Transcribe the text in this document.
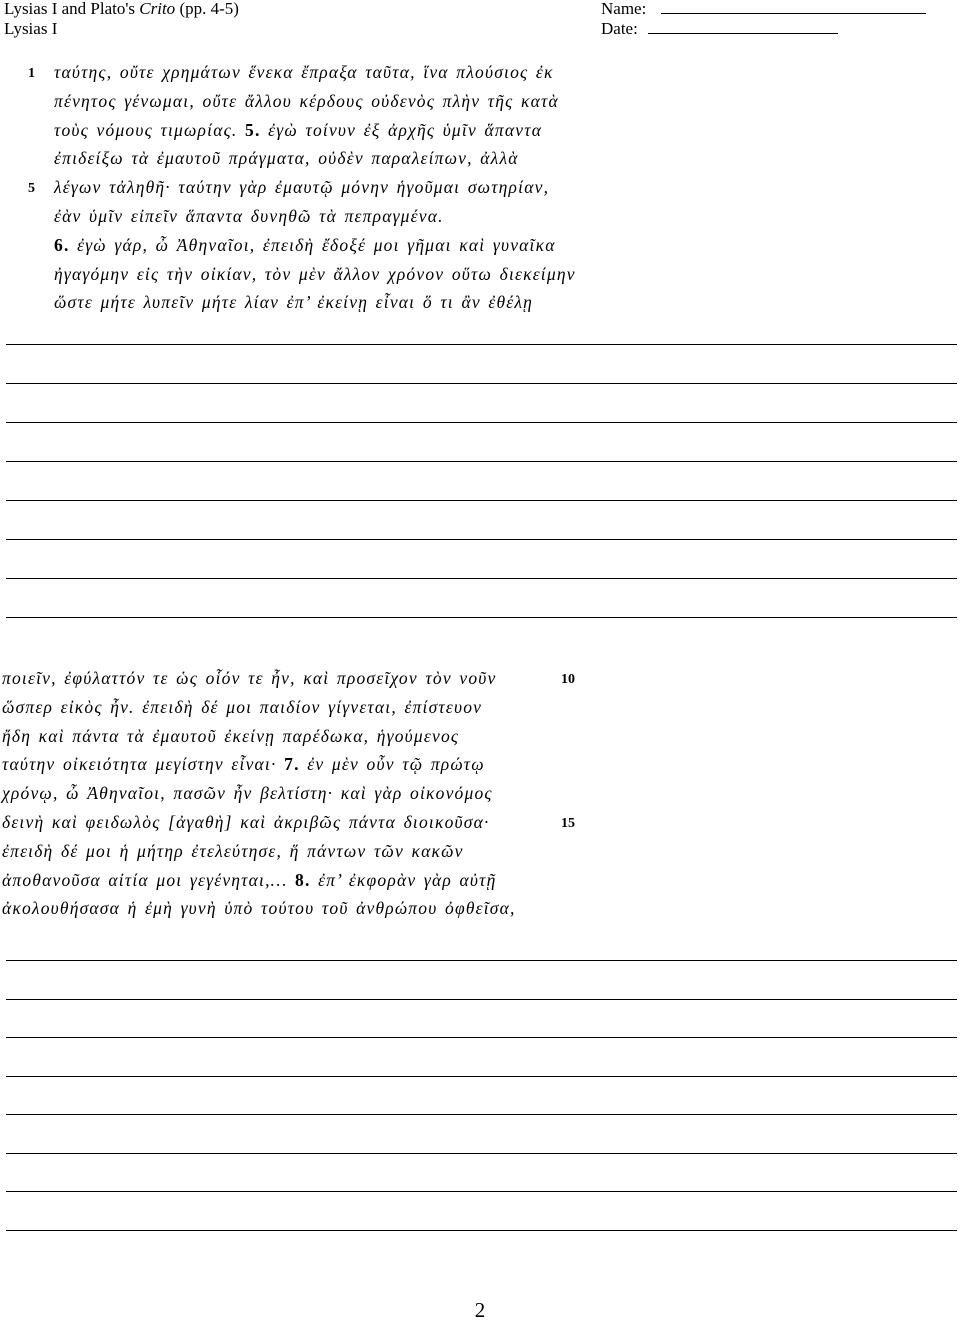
Lysias I and Plato's Crito (pp. 4-5)
Lysias I
Name:
Date:
ταύτης, οὔτε χρημάτων ἕνεκα ἔπραξα ταῦτα, ἵνα πλούσιος ἐκ
1
πένητος γένωμαι, οὔτε ἄλλου κέρδους οὐδενὸς πλὴν τῆς κατὰ
τοὺς νόμους τιμωρίας. 5. ἐγὼ τοίνυν ἐξ ἀρχῆς ὑμῖν ἅπαντα
ἐπιδείξω τὰ ἐμαυτοῦ πράγματα, οὐδὲν παραλείπων, ἀλλὰ
λέγων τἀληθῆ· ταύτην γὰρ ἐμαυτῷ μόνην ἡγοῦμαι σωτηρίαν,
5
ἐὰν ὑμῖν εἰπεῖν ἅπαντα δυνηθῶ τὰ πεπραγμένα.
6. ἐγὼ γάρ, ὦ Ἀθηναῖοι, ἐπειδὴ ἔδοξέ μοι γῆμαι καὶ γυναῖκα
ἠγαγόμην εἰς τὴν οἰκίαν, τὸν μὲν ἄλλον χρόνον οὕτω διεκείμην
ὥστε μήτε λυπεῖν μήτε λίαν ἐπ’ ἐκείνῃ εἶναι ὅ τι ἂν ἐθέλῃ
ποιεῖν, ἐφύλαττόν τε ὡς οἷόν τε ἦν, καὶ προσεῖχον τὸν νοῦν	10
ὥσπερ εἰκὸς ἦν. ἐπειδὴ δέ μοι παιδίον γίγνεται, ἐπίστευον
ἤδη καὶ πάντα τὰ ἐμαυτοῦ ἐκείνῃ παρέδωκα, ἡγούμενος
ταύτην οἰκειότητα μεγίστην εἶναι· 7. ἐν μὲν οὖν τῷ πρώτῳ
χρόνῳ, ὦ Ἀθηναῖοι, πασῶν ἦν βελτίστη· καὶ γὰρ οἰκονόμος
δεινὴ καὶ φειδωλὸς [ἀγαθὴ] καὶ ἀκριβῶς πάντα διοικοῦσα·	15
ἐπειδὴ δέ μοι ἡ μήτηρ ἐτελεύτησε, ἥ πάντων τῶν κακῶν
ἀποθανοῦσα αἰτία μοι γεγένηται,… 8. ἐπ’ ἐκφορὰν γὰρ αὐτῇ
ἀκολουθήσασα ἡ ἐμὴ γυνὴ ὑπὸ τούτου τοῦ ἀνθρώπου ὀφθεῖσα,
2
